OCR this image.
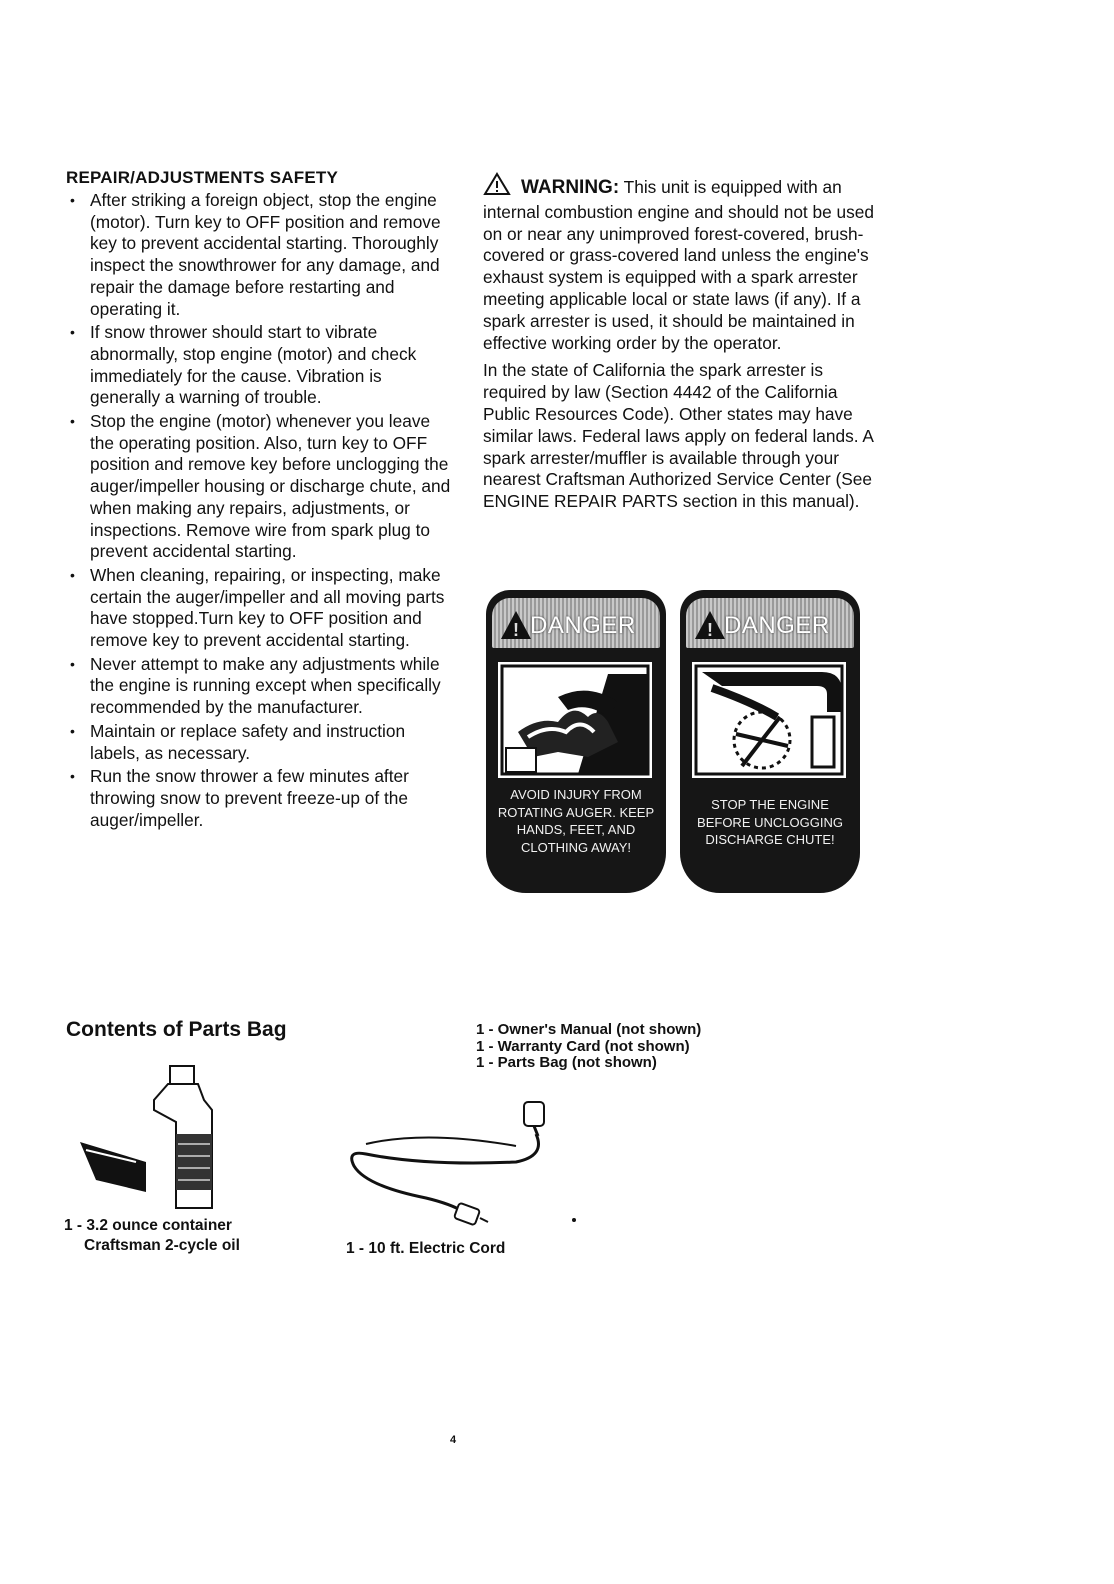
REPAIR/ADJUSTMENTS SAFETY
• After striking a foreign object, stop the engine (motor). Turn key to OFF position and remove key to prevent accidental starting. Thoroughly inspect the snowthrower for any damage, and repair the damage before restarting and operating it.
• If snow thrower should start to vibrate abnormally, stop engine (motor) and check immediately for the cause. Vibration is generally a warning of trouble.
• Stop the engine (motor) whenever you leave the operating position. Also, turn key to OFF position and remove key before unclogging the auger/impeller housing or discharge chute, and when making any repairs, adjustments, or inspections. Remove wire from spark plug to prevent accidental starting.
• When cleaning, repairing, or inspecting, make certain the auger/impeller and all moving parts have stopped.Turn key to OFF position and remove key to prevent accidental starting.
• Never attempt to make any adjustments while the engine is running except when specifically recommended by the manufacturer.
• Maintain or replace safety and instruction labels, as necessary.
• Run the snow thrower a few minutes after throwing snow to prevent freeze-up of the auger/impeller.

WARNING: This unit is equipped with an internal combustion engine and should not be used on or near any unimproved forest-covered, brush-covered or grass-covered land unless the engine's exhaust system is equipped with a spark arrester meeting applicable local or state laws (if any). If a spark arrester is used, it should be maintained in effective working order by the operator.

In the state of California the spark arrester is required by law (Section 4442 of the California Public Resources Code). Other states may have similar laws. Federal laws apply on federal lands. A spark arrester/muffler is available through your nearest Craftsman Authorized Service Center (See ENGINE REPAIR PARTS section in this manual).

! DANGER
AVOID INJURY FROM ROTATING AUGER. KEEP HANDS, FEET, AND CLOTHING AWAY!
! DANGER
STOP THE ENGINE BEFORE UNCLOGGING DISCHARGE CHUTE!
Contents of Parts Bag	1 - Owner's Manual (not shown)
1 - Warranty Card (not shown)
1 - Parts Bag (not shown)
1 - 3.2 ounce container
Craftsman 2-cycle oil	1 - 10 ft. Electric Cord
4
